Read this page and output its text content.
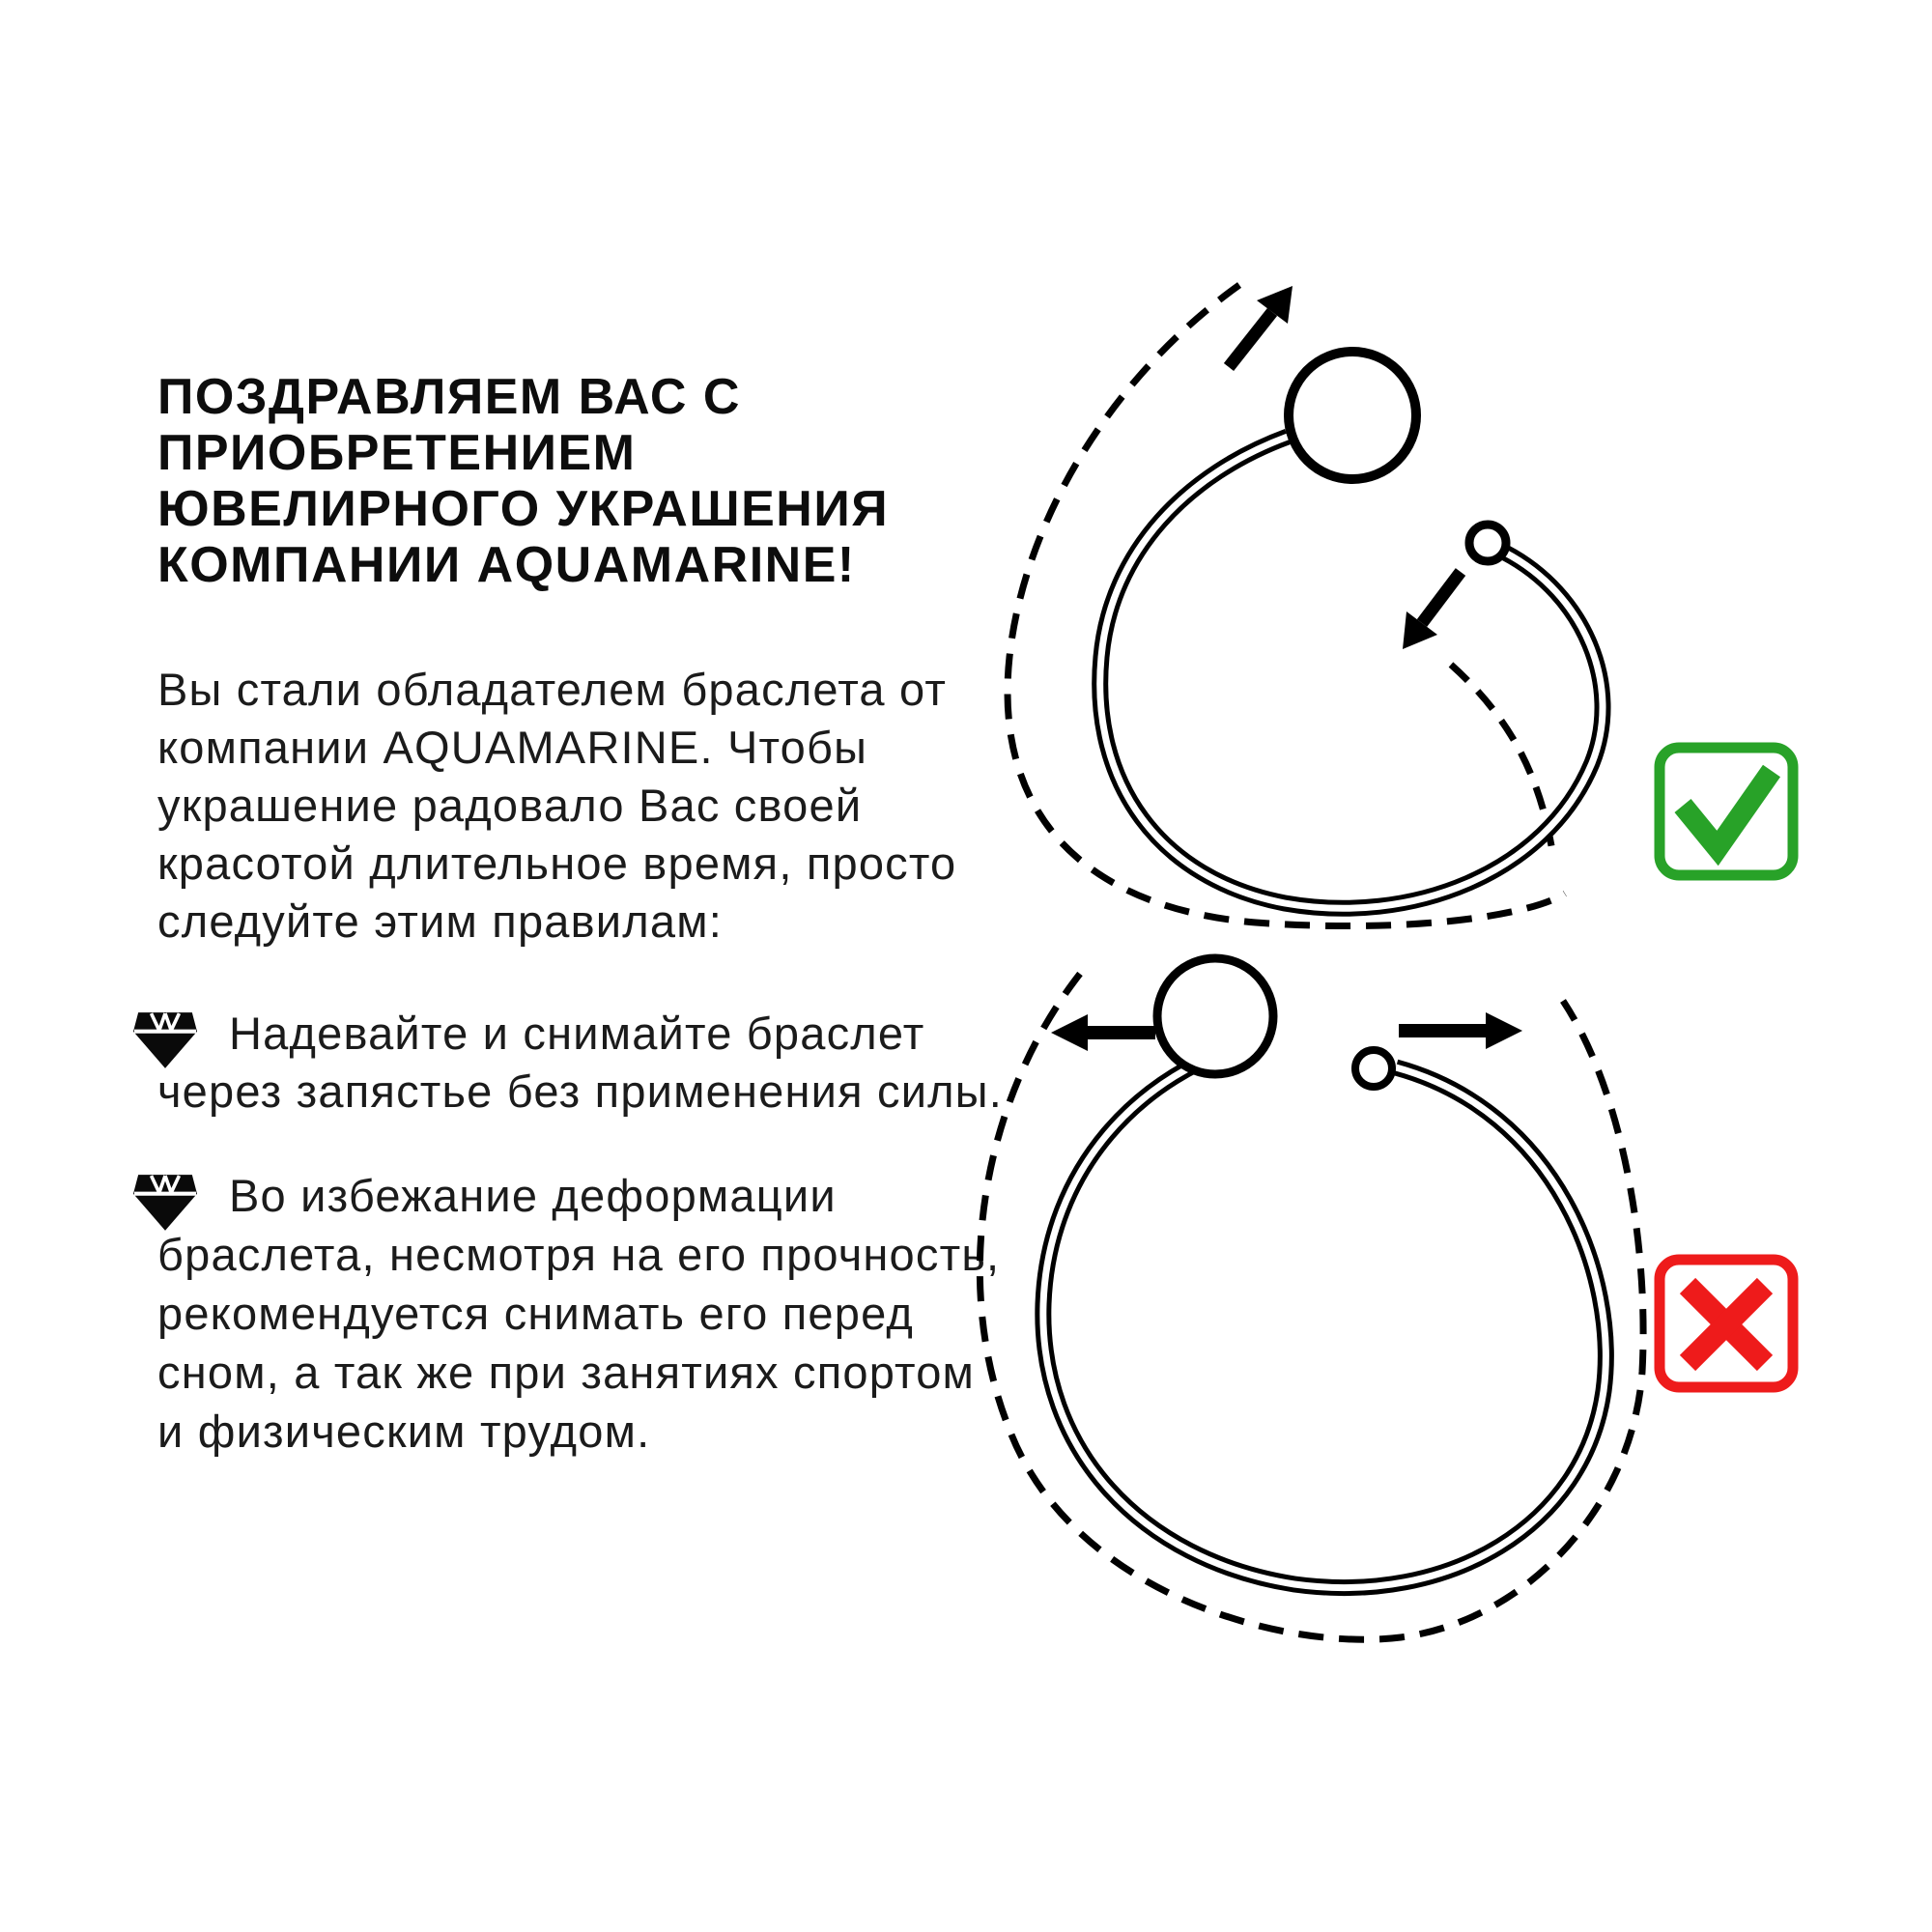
ПОЗДРАВЛЯЕМ ВАС С
ПРИОБРЕТЕНИЕМ
ЮВЕЛИРНОГО УКРАШЕНИЯ
КОМПАНИИ AQUAMARINE!
Вы стали обладателем браслета от
компании AQUAMARINE. Чтобы
украшение радовало Вас своей
красотой длительное время, просто
следуйте этим правилам:
Надевайте и снимайте браслет
через запястье без применения силы.
Во избежание деформации
браслета, несмотря на его прочность,
рекомендуется снимать его перед
сном, а так же при занятиях спортом
и физическим трудом.
